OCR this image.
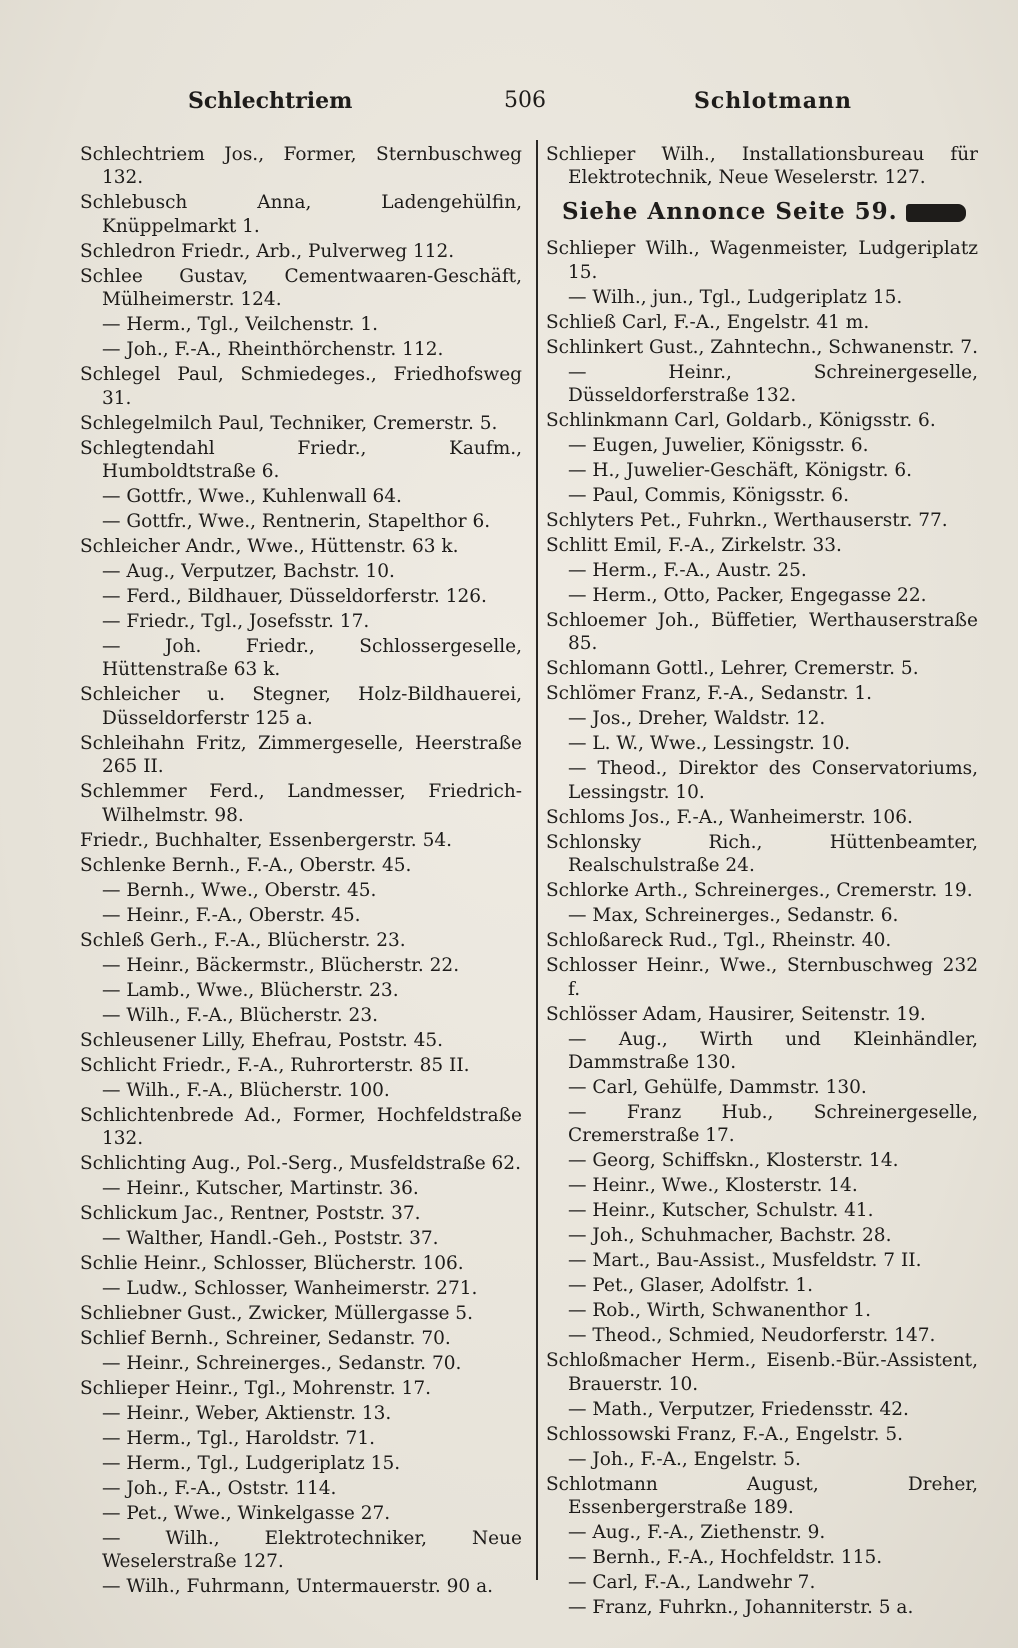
Schlechtriem	506	Schlotmann
Schlechtriem Jos., Former, Sternbuschweg 132.
Schlebusch Anna, Ladengehülfin, Knüppelmarkt 1.
Schledron Friedr., Arb., Pulverweg 112.
Schlee Gustav, Cementwaaren-Geschäft, Mülheimerstr. 124.
— Herm., Tgl., Veilchenstr. 1.
— Joh., F.-A., Rheinthörchenstr. 112.
Schlegel Paul, Schmiedeges., Friedhofsweg 31.
Schlegelmilch Paul, Techniker, Cremerstr. 5.
Schlegtendahl Friedr., Kaufm., Humboldtstraße 6.
— Gottfr., Wwe., Kuhlenwall 64.
— Gottfr., Wwe., Rentnerin, Stapelthor 6.
Schleicher Andr., Wwe., Hüttenstr. 63 k.
— Aug., Verputzer, Bachstr. 10.
— Ferd., Bildhauer, Düsseldorferstr. 126.
— Friedr., Tgl., Josefsstr. 17.
— Joh. Friedr., Schlossergeselle, Hüttenstraße 63 k.
Schleicher u. Stegner, Holz-Bildhauerei, Düsseldorferstr 125 a.
Schleihahn Fritz, Zimmergeselle, Heerstraße 265 II.
Schlemmer Ferd., Landmesser, Friedrich-Wilhelmstr. 98.
Friedr., Buchhalter, Essenbergerstr. 54.
Schlenke Bernh., F.-A., Oberstr. 45.
— Bernh., Wwe., Oberstr. 45.
— Heinr., F.-A., Oberstr. 45.
Schleß Gerh., F.-A., Blücherstr. 23.
— Heinr., Bäckermstr., Blücherstr. 22.
— Lamb., Wwe., Blücherstr. 23.
— Wilh., F.-A., Blücherstr. 23.
Schleusener Lilly, Ehefrau, Poststr. 45.
Schlicht Friedr., F.-A., Ruhrorterstr. 85 II.
— Wilh., F.-A., Blücherstr. 100.
Schlichtenbrede Ad., Former, Hochfeldstraße 132.
Schlichting Aug., Pol.-Serg., Musfeldstraße 62.
— Heinr., Kutscher, Martinstr. 36.
Schlickum Jac., Rentner, Poststr. 37.
— Walther, Handl.-Geh., Poststr. 37.
Schlie Heinr., Schlosser, Blücherstr. 106.
— Ludw., Schlosser, Wanheimerstr. 271.
Schliebner Gust., Zwicker, Müllergasse 5.
Schlief Bernh., Schreiner, Sedanstr. 70.
— Heinr., Schreinerges., Sedanstr. 70.
Schlieper Heinr., Tgl., Mohrenstr. 17.
— Heinr., Weber, Aktienstr. 13.
— Herm., Tgl., Haroldstr. 71.
— Herm., Tgl., Ludgeriplatz 15.
— Joh., F.-A., Oststr. 114.
— Pet., Wwe., Winkelgasse 27.
— Wilh., Elektrotechniker, Neue Weselerstraße 127.
— Wilh., Fuhrmann, Untermauerstr. 90 a.
Schlieper Wilh., Installationsbureau für Elektrotechnik, Neue Weselerstr. 127.
Siehe Annonce Seite 59.
Schlieper Wilh., Wagenmeister, Ludgeriplatz 15.
— Wilh., jun., Tgl., Ludgeriplatz 15.
Schließ Carl, F.-A., Engelstr. 41 m.
Schlinkert Gust., Zahntechn., Schwanenstr. 7.
— Heinr., Schreinergeselle, Düsseldorferstraße 132.
Schlinkmann Carl, Goldarb., Königsstr. 6.
— Eugen, Juwelier, Königsstr. 6.
— H., Juwelier-Geschäft, Königstr. 6.
— Paul, Commis, Königsstr. 6.
Schlyters Pet., Fuhrkn., Werthauserstr. 77.
Schlitt Emil, F.-A., Zirkelstr. 33.
— Herm., F.-A., Austr. 25.
— Herm., Otto, Packer, Engegasse 22.
Schloemer Joh., Büffetier, Werthauserstraße 85.
Schlomann Gottl., Lehrer, Cremerstr. 5.
Schlömer Franz, F.-A., Sedanstr. 1.
— Jos., Dreher, Waldstr. 12.
— L. W., Wwe., Lessingstr. 10.
— Theod., Direktor des Conservatoriums, Lessingstr. 10.
Schloms Jos., F.-A., Wanheimerstr. 106.
Schlonsky Rich., Hüttenbeamter, Realschulstraße 24.
Schlorke Arth., Schreinerges., Cremerstr. 19.
— Max, Schreinerges., Sedanstr. 6.
Schloßareck Rud., Tgl., Rheinstr. 40.
Schlosser Heinr., Wwe., Sternbuschweg 232 f.
Schlösser Adam, Hausirer, Seitenstr. 19.
— Aug., Wirth und Kleinhändler, Dammstraße 130.
— Carl, Gehülfe, Dammstr. 130.
— Franz Hub., Schreinergeselle, Cremerstraße 17.
— Georg, Schiffskn., Klosterstr. 14.
— Heinr., Wwe., Klosterstr. 14.
— Heinr., Kutscher, Schulstr. 41.
— Joh., Schuhmacher, Bachstr. 28.
— Mart., Bau-Assist., Musfeldstr. 7 II.
— Pet., Glaser, Adolfstr. 1.
— Rob., Wirth, Schwanenthor 1.
— Theod., Schmied, Neudorferstr. 147.
Schloßmacher Herm., Eisenb.-Bür.-Assistent, Brauerstr. 10.
— Math., Verputzer, Friedensstr. 42.
Schlossowski Franz, F.-A., Engelstr. 5.
— Joh., F.-A., Engelstr. 5.
Schlotmann August, Dreher, Essenbergerstraße 189.
— Aug., F.-A., Ziethenstr. 9.
— Bernh., F.-A., Hochfeldstr. 115.
— Carl, F.-A., Landwehr 7.
— Franz, Fuhrkn., Johanniterstr. 5 a.
